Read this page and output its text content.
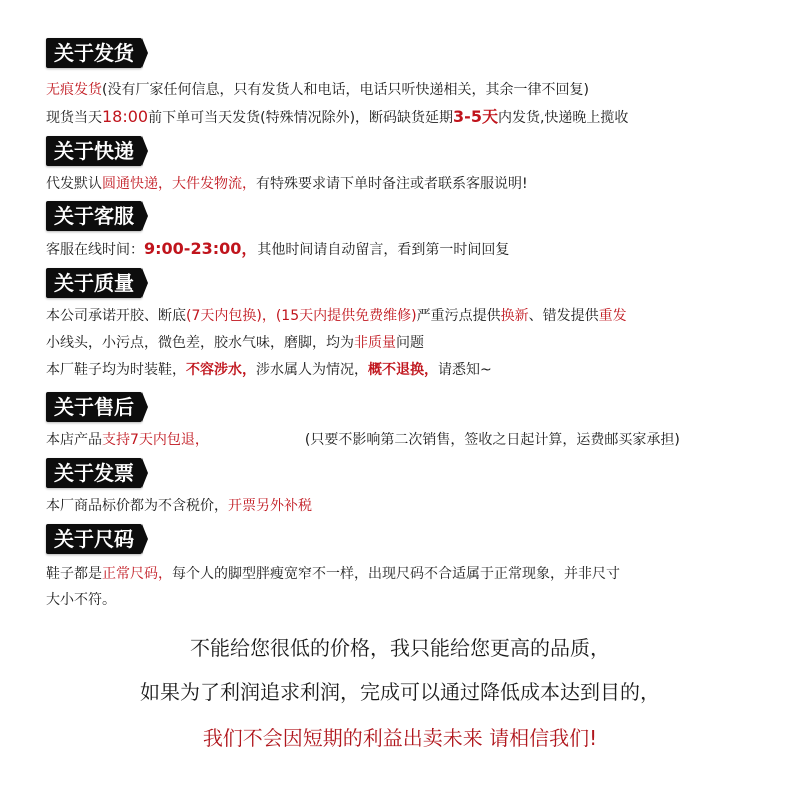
关于发货
无痕发货(没有厂家任何信息，只有发货人和电话，电话只听快递相关，其余一律不回复)
现货当天18:00前下单可当天发货(特殊情况除外)，断码缺货延期3-5天内发货,快递晚上揽收
关于快递
代发默认圆通快递，大件发物流，有特殊要求请下单时备注或者联系客服说明!
关于客服
客服在线时间：9:00-23:00，其他时间请自动留言，看到第一时间回复
关于质量
本公司承诺开胶、断底(7天内包换)，(15天内提供免费维修)严重污点提供换新、错发提供重发
小线头，小污点，微色差，胶水气味，磨脚，均为非质量问题
本厂鞋子均为时装鞋，不容涉水，涉水属人为情况，概不退换，请悉知~
关于售后
本店产品支持7天内包退，	(只要不影响第二次销售，签收之日起计算，运费邮买家承担)
关于发票
本厂商品标价都为不含税价，开票另外补税
关于尺码
鞋子都是正常尺码，每个人的脚型胖瘦宽窄不一样，出现尺码不合适属于正常现象，并非尺寸
大小不符。
不能给您很低的价格，我只能给您更高的品质，
如果为了利润追求利润，完成可以通过降低成本达到目的，
我们不会因短期的利益出卖未来 请相信我们!
